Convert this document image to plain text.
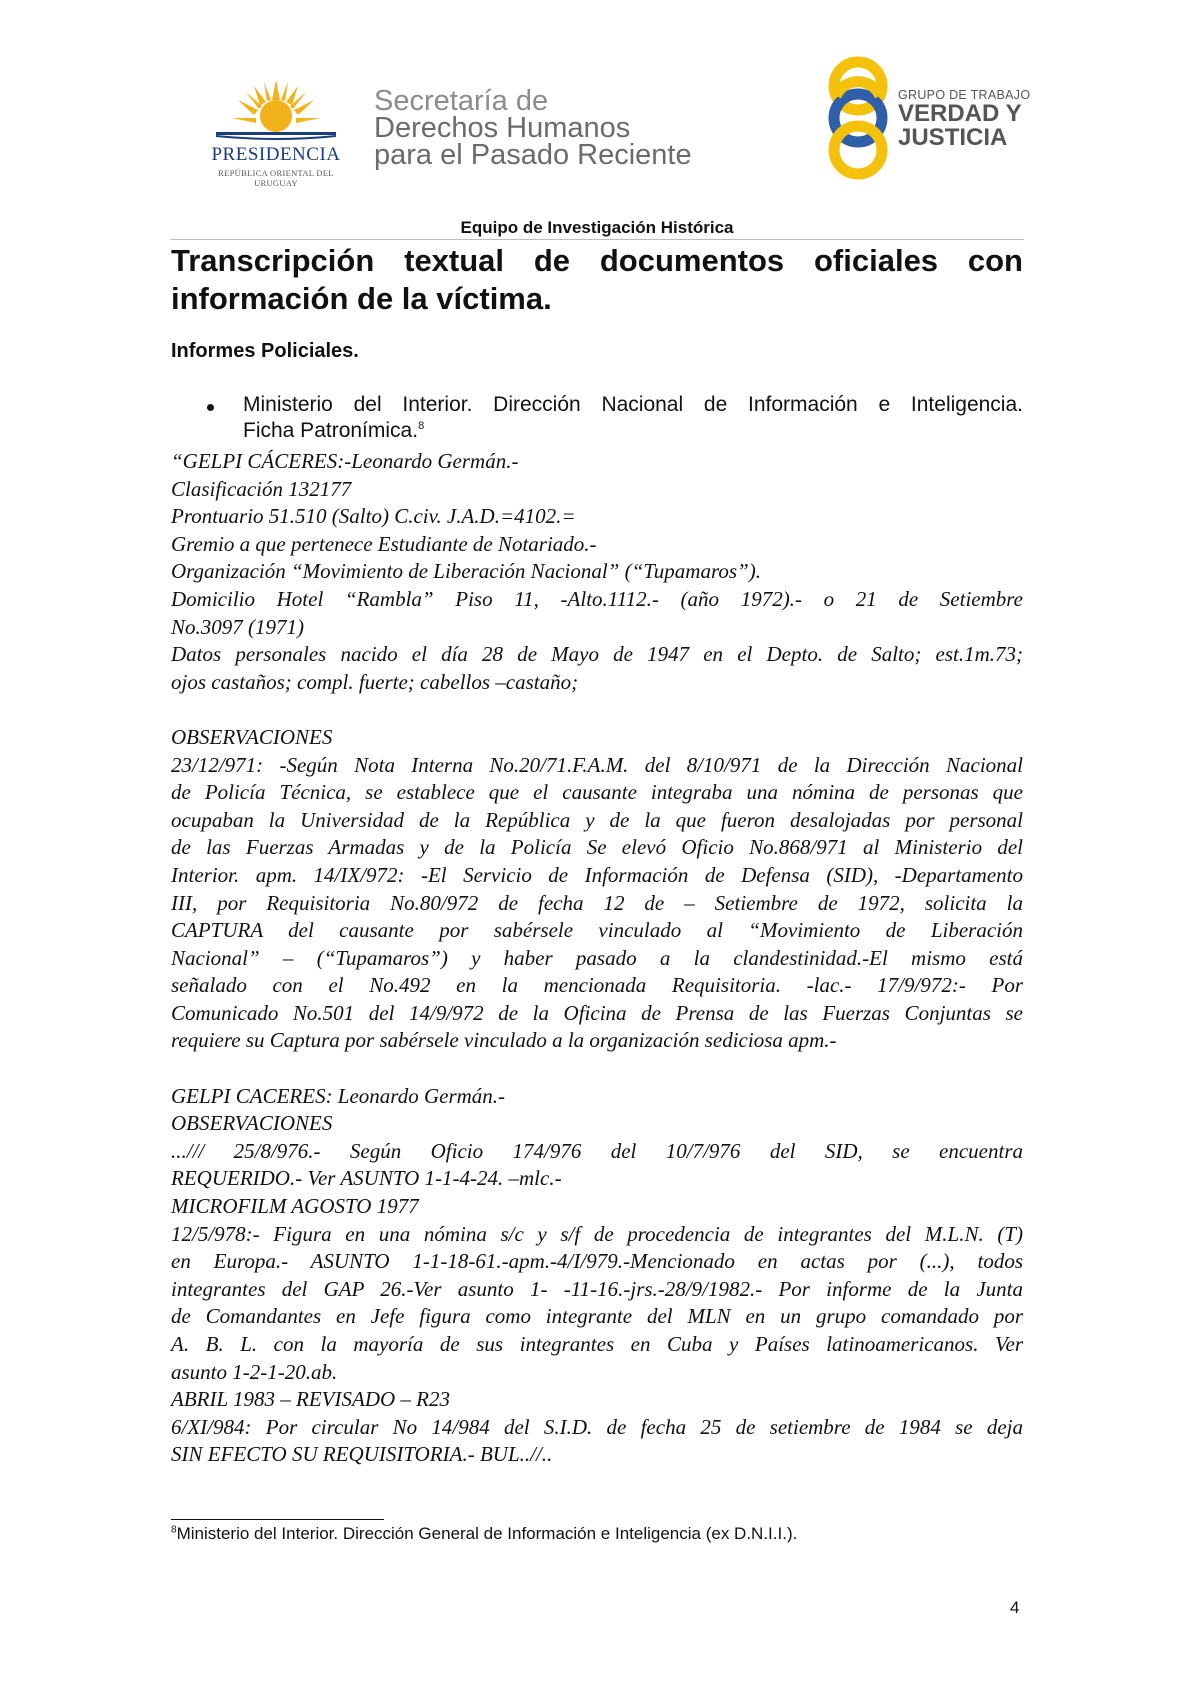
PRESIDENCIA
REPÚBLICA ORIENTAL DEL URUGUAY
Secretaría de
Derechos Humanos
para el Pasado Reciente
GRUPO DE TRABAJO
VERDAD Y
JUSTICIA
Equipo de Investigación Histórica
Transcripción textual de documentos oficiales con
información de la víctima.
Informes Policiales.
Ministerio del Interior. Dirección Nacional de Información e Inteligencia.
Ficha Patronímica.$^8$
“GELPI CÁCERES:-Leonardo Germán.-
Clasificación 132177
Prontuario 51.510 (Salto) C.civ. J.A.D.=4102.=
Gremio a que pertenece Estudiante de Notariado.-
Organización “Movimiento de Liberación Nacional” (“Tupamaros”).
Domicilio Hotel “Rambla” Piso 11, -Alto.1112.- (año 1972).- o 21 de Setiembre
No.3097 (1971)
Datos personales nacido el día 28 de Mayo de 1947 en el Depto. de Salto; est.1m.73;
ojos castaños; compl. fuerte; cabellos –castaño;
OBSERVACIONES
23/12/971: -Según Nota Interna No.20/71.F.A.M. del 8/10/971 de la Dirección Nacional
de Policía Técnica, se establece que el causante integraba una nómina de personas que
ocupaban la Universidad de la República y de la que fueron desalojadas por personal
de las Fuerzas Armadas y de la Policía Se elevó Oficio No.868/971 al Ministerio del
Interior. apm. 14/IX/972: -El Servicio de Información de Defensa (SID), -Departamento
III, por Requisitoria No.80/972 de fecha 12 de – Setiembre de 1972, solicita la
CAPTURA del causante por sabérsele vinculado al “Movimiento de Liberación
Nacional” – (“Tupamaros”) y haber pasado a la clandestinidad.-El mismo está
señalado con el No.492 en la mencionada Requisitoria. -lac.- 17/9/972:- Por
Comunicado No.501 del 14/9/972 de la Oficina de Prensa de las Fuerzas Conjuntas se
requiere su Captura por sabérsele vinculado a la organización sediciosa apm.-
GELPI CACERES: Leonardo Germán.-
OBSERVACIONES
.../// 25/8/976.- Según Oficio 174/976 del 10/7/976 del SID, se encuentra
REQUERIDO.- Ver ASUNTO 1-1-4-24. –mlc.-
MICROFILM AGOSTO 1977
12/5/978:- Figura en una nómina s/c y s/f de procedencia de integrantes del M.L.N. (T)
en Europa.- ASUNTO 1-1-18-61.-apm.-4/I/979.-Mencionado en actas por (...), todos
integrantes del GAP 26.-Ver asunto 1- -11-16.-jrs.-28/9/1982.- Por informe de la Junta
de Comandantes en Jefe figura como integrante del MLN en un grupo comandado por
A. B. L. con la mayoría de sus integrantes en Cuba y Países latinoamericanos. Ver
asunto 1-2-1-20.ab.
ABRIL 1983 – REVISADO – R23
6/XI/984: Por circular No 14/984 del S.I.D. de fecha 25 de setiembre de 1984 se deja
SIN EFECTO SU REQUISITORIA.- BUL..//..
$^8$Ministerio del Interior. Dirección General de Información e Inteligencia (ex D.N.I.I.).
4
